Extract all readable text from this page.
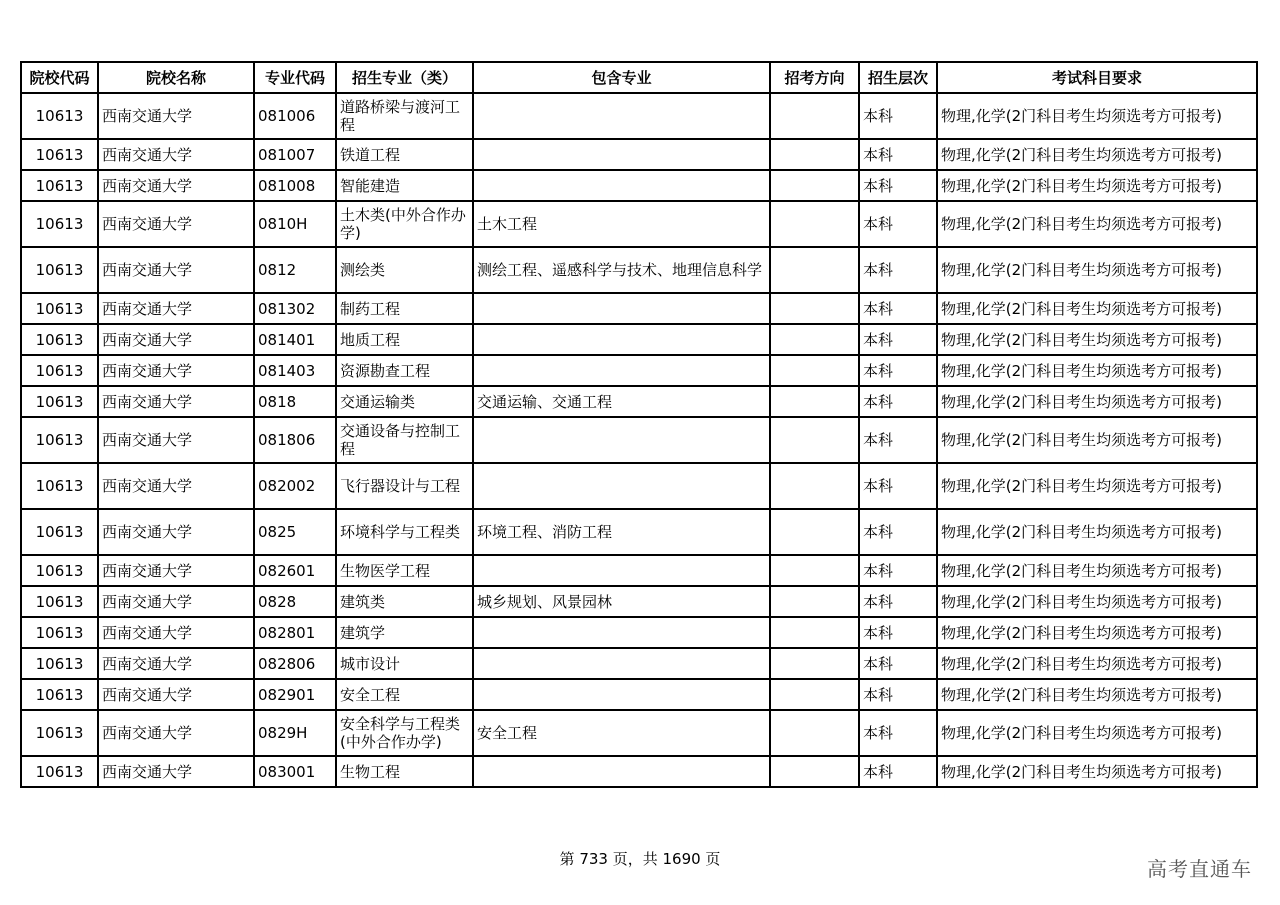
院校代码	院校名称	专业代码	招生专业（类）	包含专业	招考方向	招生层次	考试科目要求
10613	西南交通大学	081006	道路桥梁与渡河工程			本科	物理,化学(2门科目考生均须选考方可报考)
10613	西南交通大学	081007	铁道工程			本科	物理,化学(2门科目考生均须选考方可报考)
10613	西南交通大学	081008	智能建造			本科	物理,化学(2门科目考生均须选考方可报考)
10613	西南交通大学	0810H	土木类(中外合作办学)	土木工程		本科	物理,化学(2门科目考生均须选考方可报考)
10613	西南交通大学	0812	测绘类	测绘工程、遥感科学与技术、地理信息科学		本科	物理,化学(2门科目考生均须选考方可报考)
10613	西南交通大学	081302	制药工程			本科	物理,化学(2门科目考生均须选考方可报考)
10613	西南交通大学	081401	地质工程			本科	物理,化学(2门科目考生均须选考方可报考)
10613	西南交通大学	081403	资源勘查工程			本科	物理,化学(2门科目考生均须选考方可报考)
10613	西南交通大学	0818	交通运输类	交通运输、交通工程		本科	物理,化学(2门科目考生均须选考方可报考)
10613	西南交通大学	081806	交通设备与控制工程			本科	物理,化学(2门科目考生均须选考方可报考)
10613	西南交通大学	082002	飞行器设计与工程			本科	物理,化学(2门科目考生均须选考方可报考)
10613	西南交通大学	0825	环境科学与工程类	环境工程、消防工程		本科	物理,化学(2门科目考生均须选考方可报考)
10613	西南交通大学	082601	生物医学工程			本科	物理,化学(2门科目考生均须选考方可报考)
10613	西南交通大学	0828	建筑类	城乡规划、风景园林		本科	物理,化学(2门科目考生均须选考方可报考)
10613	西南交通大学	082801	建筑学			本科	物理,化学(2门科目考生均须选考方可报考)
10613	西南交通大学	082806	城市设计			本科	物理,化学(2门科目考生均须选考方可报考)
10613	西南交通大学	082901	安全工程			本科	物理,化学(2门科目考生均须选考方可报考)
10613	西南交通大学	0829H	安全科学与工程类(中外合作办学)	安全工程		本科	物理,化学(2门科目考生均须选考方可报考)
10613	西南交通大学	083001	生物工程			本科	物理,化学(2门科目考生均须选考方可报考)
第 733 页，共 1690 页	高考直通车
